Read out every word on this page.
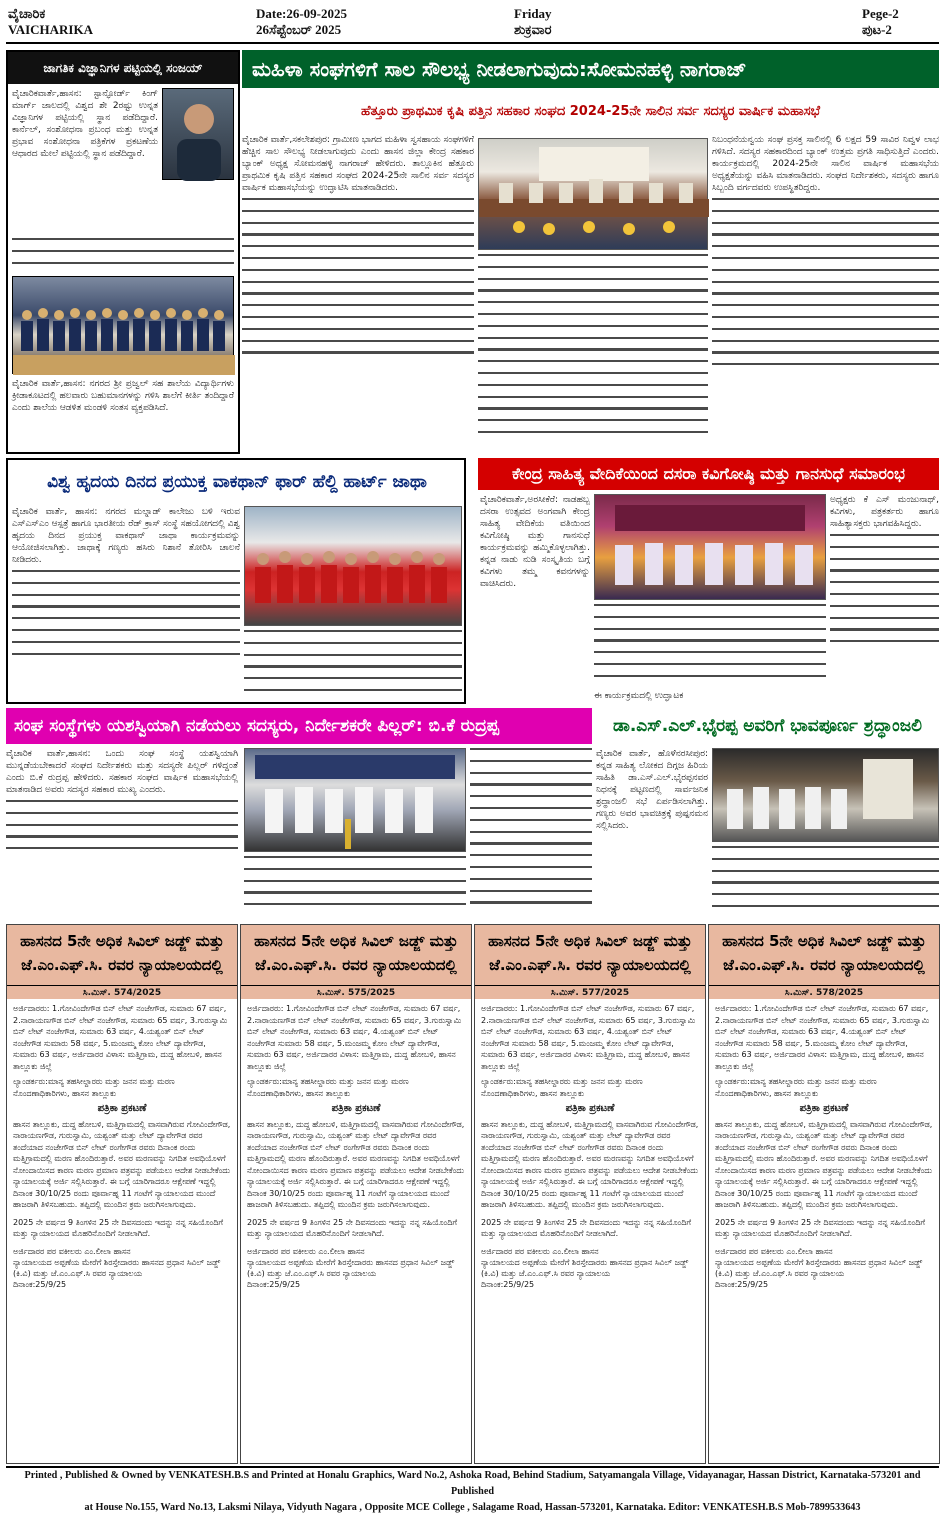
ವೈಚಾರಿಕ
VAICHARIKA
Date:26-09-2025
26ಸೆಪ್ಟೆಂಬರ್ 2025
Friday
ಶುಕ್ರವಾರ
Pege-2
ಪುಟ-2
ಜಾಗತಿಕ ವಿಜ್ಞಾನಿಗಳ ಪಟ್ಟಿಯಲ್ಲಿ ಸಂಜಯ್
ವೈಚಾರಿಕವಾರ್ತೆ,ಹಾಸನ: ಸ್ಟಾನ್ಫೋರ್ಡ್ ಕಿಂಗ್ ಮಾರ್ಗ್ ಜಾಲದಲ್ಲಿ ವಿಶ್ವದ ಶೇ 2ರಷ್ಟು ಉನ್ನತ ವಿಜ್ಞಾನಿಗಳ ಪಟ್ಟಿಯಲ್ಲಿ ಸ್ಥಾನ ಪಡೆದಿದ್ದಾರೆ. ಕಾರ್ನೆಲ್, ಸಂಶೋಧನಾ ಪ್ರಬಂಧ ಮತ್ತು ಉನ್ನತ ಪ್ರಭಾವ ಸಂಶೋಧನಾ ಪತ್ರಿಕೆಗಳ ಪ್ರಕಟಣೆಯ ಆಧಾರದ ಮೇಲೆ ಪಟ್ಟಿಯಲ್ಲಿ ಸ್ಥಾನ ಪಡೆದಿದ್ದಾರೆ.
ವೈಚಾರಿಕ ವಾರ್ತೆ,ಹಾಸನ: ನಗರದ ಶ್ರೀ ಪ್ರಜ್ವಲ್ ಸಹ ಶಾಲೆಯ ವಿದ್ಯಾರ್ಥಿಗಳು ಕ್ರೀಡಾಕೂಟದಲ್ಲಿ ಹಲವಾರು ಬಹುಮಾನಗಳನ್ನು ಗಳಿಸಿ ಶಾಲೆಗೆ ಕೀರ್ತಿ ತಂದಿದ್ದಾರೆ ಎಂದು ಶಾಲೆಯ ಆಡಳಿತ ಮಂಡಳಿ ಸಂತಸ ವ್ಯಕ್ತಪಡಿಸಿದೆ.
ಮಹಿಳಾ ಸಂಘಗಳಿಗೆ ಸಾಲ ಸೌಲಭ್ಯ ನೀಡಲಾಗುವುದು:ಸೋಮನಹಳ್ಳಿ ನಾಗರಾಜ್
ಹೆತ್ತೂರು ಪ್ರಾಥಮಿಕ ಕೃಷಿ ಪತ್ತಿನ ಸಹಕಾರ ಸಂಘದ 2024-25ನೇ ಸಾಲಿನ ಸರ್ವ ಸದಸ್ಯರ ವಾರ್ಷಿಕ ಮಹಾಸಭೆ
ವೈಚಾರಿಕ ವಾರ್ತೆ,ಸಕಲೇಶಪುರ: ಗ್ರಾಮೀಣ ಭಾಗದ ಮಹಿಳಾ ಸ್ವಸಹಾಯ ಸಂಘಗಳಿಗೆ ಹೆಚ್ಚಿನ ಸಾಲ ಸೌಲಭ್ಯ ನೀಡಲಾಗುವುದು ಎಂದು ಹಾಸನ ಜಿಲ್ಲಾ ಕೇಂದ್ರ ಸಹಕಾರ ಬ್ಯಾಂಕ್ ಅಧ್ಯಕ್ಷ ಸೋಮನಹಳ್ಳಿ ನಾಗರಾಜ್ ಹೇಳಿದರು. ತಾಲ್ಲೂಕಿನ ಹೆತ್ತೂರು ಪ್ರಾಥಮಿಕ ಕೃಷಿ ಪತ್ತಿನ ಸಹಕಾರ ಸಂಘದ 2024-25ನೇ ಸಾಲಿನ ಸರ್ವ ಸದಸ್ಯರ ವಾರ್ಷಿಕ ಮಹಾಸಭೆಯನ್ನು ಉದ್ಘಾಟಿಸಿ ಮಾತನಾಡಿದರು.
ನಿಬಂಧನೆಯನ್ವಯ ಸಂಘ ಪ್ರಸಕ್ತ ಸಾಲಿನಲ್ಲಿ 6 ಲಕ್ಷದ 59 ಸಾವಿರ ನಿವ್ವಳ ಲಾಭ ಗಳಿಸಿದೆ. ಸದಸ್ಯರ ಸಹಕಾರದಿಂದ ಬ್ಯಾಂಕ್ ಉತ್ತಮ ಪ್ರಗತಿ ಸಾಧಿಸುತ್ತಿದೆ ಎಂದರು. ಕಾರ್ಯಕ್ರಮದಲ್ಲಿ 2024-25ನೇ ಸಾಲಿನ ವಾರ್ಷಿಕ ಮಹಾಸಭೆಯ ಅಧ್ಯಕ್ಷತೆಯನ್ನು ವಹಿಸಿ ಮಾತನಾಡಿದರು. ಸಂಘದ ನಿರ್ದೇಶಕರು, ಸದಸ್ಯರು ಹಾಗೂ ಸಿಬ್ಬಂದಿ ವರ್ಗದವರು ಉಪಸ್ಥಿತರಿದ್ದರು.
ವಿಶ್ವ ಹೃದಯ ದಿನದ ಪ್ರಯುಕ್ತ ವಾಕಥಾನ್ ಫಾರ್ ಹೆಲ್ದಿ ಹಾರ್ಟ್ ಜಾಥಾ
ವೈಚಾರಿಕ ವಾರ್ತೆ, ಹಾಸನ: ನಗರದ ಮಲ್ನಾಡ್ ಕಾಲೇಜು ಬಳಿ ಇರುವ ಎಸ್ಎಸ್ಎಂ ಆಸ್ಪತ್ರೆ ಹಾಗೂ ಭಾರತೀಯ ರೆಡ್ ಕ್ರಾಸ್ ಸಂಸ್ಥೆ ಸಹಯೋಗದಲ್ಲಿ ವಿಶ್ವ ಹೃದಯ ದಿನದ ಪ್ರಯುಕ್ತ ವಾಕಥಾನ್ ಜಾಥಾ ಕಾರ್ಯಕ್ರಮವನ್ನು ಆಯೋಜಿಸಲಾಗಿತ್ತು. ಜಾಥಾಕ್ಕೆ ಗಣ್ಯರು ಹಸಿರು ನಿಶಾನೆ ತೋರಿಸಿ ಚಾಲನೆ ನೀಡಿದರು.
ಕೇಂದ್ರ ಸಾಹಿತ್ಯ ವೇದಿಕೆಯಿಂದ ದಸರಾ ಕವಿಗೋಷ್ಠಿ ಮತ್ತು ಗಾನಸುಧೆ ಸಮಾರಂಭ
ವೈಚಾರಿಕವಾರ್ತೆ,ಅರಸೀಕೆರೆ: ನಾಡಹಬ್ಬ ದಸರಾ ಉತ್ಸವದ ಅಂಗವಾಗಿ ಕೇಂದ್ರ ಸಾಹಿತ್ಯ ವೇದಿಕೆಯ ವತಿಯಿಂದ ಕವಿಗೋಷ್ಠಿ ಮತ್ತು ಗಾನಸುಧೆ ಕಾರ್ಯಕ್ರಮವನ್ನು ಹಮ್ಮಿಕೊಳ್ಳಲಾಗಿತ್ತು. ಕನ್ನಡ ನಾಡು ನುಡಿ ಸಂಸ್ಕೃತಿಯ ಬಗ್ಗೆ ಕವಿಗಳು ತಮ್ಮ ಕವನಗಳನ್ನು ವಾಚಿಸಿದರು.
ಈ ಕಾರ್ಯಕ್ರಮದಲ್ಲಿ ಉದ್ಘಾಟಕ
ಅಧ್ಯಕ್ಷರು ಕೆ ಎಸ್ ಮಂಜುನಾಥ್, ಕವಿಗಳು, ಪತ್ರಕರ್ತರು ಹಾಗೂ ಸಾಹಿತ್ಯಾಸಕ್ತರು ಭಾಗವಹಿಸಿದ್ದರು.
ಸಂಘ ಸಂಸ್ಥೆಗಳು ಯಶಸ್ವಿಯಾಗಿ ನಡೆಯಲು ಸದಸ್ಯರು, ನಿರ್ದೇಶಕರೇ ಪಿಲ್ಲರ್: ಬಿ.ಕೆ ರುದ್ರಪ್ಪ
ವೈಚಾರಿಕ ವಾರ್ತೆ,ಹಾಸನ: ಒಂದು ಸಂಘ ಸಂಸ್ಥೆ ಯಶಸ್ವಿಯಾಗಿ ಮುನ್ನಡೆಯಬೇಕಾದರೆ ಸಂಘದ ನಿರ್ದೇಶಕರು ಮತ್ತು ಸದಸ್ಯರೇ ಪಿಲ್ಲರ್ ಗಳಿದ್ದಂತೆ ಎಂದು ಬಿ.ಕೆ ರುದ್ರಪ್ಪ ಹೇಳಿದರು. ಸಹಕಾರ ಸಂಘದ ವಾರ್ಷಿಕ ಮಹಾಸಭೆಯಲ್ಲಿ ಮಾತನಾಡಿದ ಅವರು ಸದಸ್ಯರ ಸಹಕಾರ ಮುಖ್ಯ ಎಂದರು.
ಡಾ.ಎಸ್.ಎಲ್.ಭೈರಪ್ಪ ಅವರಿಗೆ ಭಾವಪೂರ್ಣ ಶ್ರದ್ಧಾಂಜಲಿ
ವೈಚಾರಿಕ ವಾರ್ತೆ, ಹೊಳೆನರಸೀಪುರ: ಕನ್ನಡ ಸಾಹಿತ್ಯ ಲೋಕದ ದಿಗ್ಗಜ ಹಿರಿಯ ಸಾಹಿತಿ ಡಾ.ಎಸ್.ಎಲ್.ಭೈರಪ್ಪನವರ ನಿಧನಕ್ಕೆ ಪಟ್ಟಣದಲ್ಲಿ ಸಾರ್ವಜನಿಕ ಶ್ರದ್ಧಾಂಜಲಿ ಸಭೆ ಏರ್ಪಡಿಸಲಾಗಿತ್ತು. ಗಣ್ಯರು ಅವರ ಭಾವಚಿತ್ರಕ್ಕೆ ಪುಷ್ಪನಮನ ಸಲ್ಲಿಸಿದರು.
ಹಾಸನದ 5ನೇ ಅಧಿಕ ಸಿವಿಲ್ ಜಡ್ಜ್ ಮತ್ತು ಜೆ.ಎಂ.ಎಫ್.ಸಿ. ರವರ ನ್ಯಾಯಾಲಯದಲ್ಲಿ
ಸಿ.ಮಿಸ್. 574/2025
ಅರ್ಜಿದಾರರು: 1.ಗೋವಿಂದೇಗೌಡ ಬಿನ್ ಲೇಟ್ ನಂಜೇಗೌಡ, ಸುಮಾರು 67 ವರ್ಷ, 2.ನಾರಾಯಣಗೌಡ ಬಿನ್ ಲೇಟ್ ನಂಜೇಗೌಡ, ಸುಮಾರು 65 ವರ್ಷ, 3.ಗುರುಸ್ವಾಮಿ ಬಿನ್ ಲೇಟ್ ನಂಜೇಗೌಡ, ಸುಮಾರು 63 ವರ್ಷ, 4.ಯಶ್ವಂತ್ ಬಿನ್ ಲೇಟ್ ನಂಜೇಗೌಡ ಸುಮಾರು 58 ವರ್ಷ, 5.ಮಂಜಮ್ಮ ಕೋಂ ಲೇಟ್ ದ್ಯಾವೇಗೌಡ, ಸುಮಾರು 63 ವರ್ಷ, ಅರ್ಜಿದಾರರ ವಿಳಾಸ: ಮತ್ತಿಗ್ರಾಮ, ದುದ್ದ ಹೋಬಳಿ, ಹಾಸನ ತಾಲ್ಲೂಕು ಜಿಲ್ಲೆ
ಲ್ಯಾಂಡರ್ಕರು:ಮಾನ್ಯ ತಹಸೀಲ್ದಾರರು ಮತ್ತು ಜನನ ಮತ್ತು ಮರಣ ನೊಂದಣಾಧಿಕಾರಿಗಳು, ಹಾಸನ ತಾಲ್ಲೂಕು
ಪತ್ರಿಕಾ ಪ್ರಕಟಣೆ
ಹಾಸನ ತಾಲ್ಲೂಕು, ದುದ್ದ ಹೋಬಳಿ, ಮತ್ತಿಗ್ರಾಮದಲ್ಲಿ ವಾಸವಾಗಿರುವ ಗೋವಿಂದೇಗೌಡ, ನಾರಾಯಣಗೌಡ, ಗುರುಸ್ವಾಮಿ, ಯಶ್ವಂತ್ ಮತ್ತು ಲೇಟ್ ದ್ಯಾವೇಗೌಡ ರವರ ತಂದೆಯಾದ ನಂಜೇಗೌಡ ಬಿನ್ ಲೇಟ್ ರಂಗೇಗೌಡ ರವರು ದಿನಾಂಕ ರಂದು ಮತ್ತಿಗ್ರಾಮದಲ್ಲಿ ಮರಣ ಹೊಂದಿರುತ್ತಾರೆ. ಅವರ ಮರಣವನ್ನು ನಿಗದಿತ ಅವಧಿಯೊಳಗೆ ನೋಂದಾಯಿಸದ ಕಾರಣ ಮರಣ ಪ್ರಮಾಣ ಪತ್ರವನ್ನು ಪಡೆಯಲು ಆದೇಶ ನೀಡಬೇಕೆಂದು ನ್ಯಾಯಾಲಯಕ್ಕೆ ಅರ್ಜಿ ಸಲ್ಲಿಸಿರುತ್ತಾರೆ. ಈ ಬಗ್ಗೆ ಯಾರಿಗಾದರೂ ಆಕ್ಷೇಪಣೆ ಇದ್ದಲ್ಲಿ ದಿನಾಂಕ 30/10/25 ರಂದು ಪೂರ್ವಾಹ್ನ 11 ಗಂಟೆಗೆ ನ್ಯಾಯಾಲಯದ ಮುಂದೆ ಹಾಜರಾಗಿ ತಿಳಿಸಬಹುದು. ತಪ್ಪಿದಲ್ಲಿ ಮುಂದಿನ ಕ್ರಮ ಜರುಗಿಸಲಾಗುವುದು.
2025 ನೇ ವರ್ಷದ 9 ತಿಂಗಳಿನ 25 ನೇ ದಿವಸದಂದು ಇದನ್ನು ನನ್ನ ಸಹಿಯೊಂದಿಗೆ ಮತ್ತು ನ್ಯಾಯಾಲಯದ ಮೊಹರಿನೊಂದಿಗೆ ನೀಡಲಾಗಿದೆ.
ಅರ್ಜಿದಾರರ ಪರ ವಕೀಲರು ಎಂ.ಲೀಲಾ ಹಾಸನ
ನ್ಯಾಯಾಲಯದ ಅಪ್ಪಣೆಯ ಮೇರೆಗೆ ಶಿರಸ್ತೇದಾರರು ಹಾಸನದ ಪ್ರಧಾನ ಸಿವಿಲ್ ಜಡ್ಜ್ (ಕಿ.ವಿ) ಮತ್ತು ಜೆ.ಎಂ.ಎಫ್.ಸಿ ರವರ ನ್ಯಾಯಾಲಯ
ದಿನಾಂಕ:25/9/25
ಹಾಸನದ 5ನೇ ಅಧಿಕ ಸಿವಿಲ್ ಜಡ್ಜ್ ಮತ್ತು ಜೆ.ಎಂ.ಎಫ್.ಸಿ. ರವರ ನ್ಯಾಯಾಲಯದಲ್ಲಿ
ಸಿ.ಮಿಸ್. 575/2025
ಅರ್ಜಿದಾರರು: 1.ಗೋವಿಂದೇಗೌಡ ಬಿನ್ ಲೇಟ್ ನಂಜೇಗೌಡ, ಸುಮಾರು 67 ವರ್ಷ, 2.ನಾರಾಯಣಗೌಡ ಬಿನ್ ಲೇಟ್ ನಂಜೇಗೌಡ, ಸುಮಾರು 65 ವರ್ಷ, 3.ಗುರುಸ್ವಾಮಿ ಬಿನ್ ಲೇಟ್ ನಂಜೇಗೌಡ, ಸುಮಾರು 63 ವರ್ಷ, 4.ಯಶ್ವಂತ್ ಬಿನ್ ಲೇಟ್ ನಂಜೇಗೌಡ ಸುಮಾರು 58 ವರ್ಷ, 5.ಮಂಜಮ್ಮ ಕೋಂ ಲೇಟ್ ದ್ಯಾವೇಗೌಡ, ಸುಮಾರು 63 ವರ್ಷ, ಅರ್ಜಿದಾರರ ವಿಳಾಸ: ಮತ್ತಿಗ್ರಾಮ, ದುದ್ದ ಹೋಬಳಿ, ಹಾಸನ ತಾಲ್ಲೂಕು ಜಿಲ್ಲೆ
ಲ್ಯಾಂಡರ್ಕರು:ಮಾನ್ಯ ತಹಸೀಲ್ದಾರರು ಮತ್ತು ಜನನ ಮತ್ತು ಮರಣ ನೊಂದಣಾಧಿಕಾರಿಗಳು, ಹಾಸನ ತಾಲ್ಲೂಕು
ಪತ್ರಿಕಾ ಪ್ರಕಟಣೆ
ಹಾಸನ ತಾಲ್ಲೂಕು, ದುದ್ದ ಹೋಬಳಿ, ಮತ್ತಿಗ್ರಾಮದಲ್ಲಿ ವಾಸವಾಗಿರುವ ಗೋವಿಂದೇಗೌಡ, ನಾರಾಯಣಗೌಡ, ಗುರುಸ್ವಾಮಿ, ಯಶ್ವಂತ್ ಮತ್ತು ಲೇಟ್ ದ್ಯಾವೇಗೌಡ ರವರ ತಂದೆಯಾದ ನಂಜೇಗೌಡ ಬಿನ್ ಲೇಟ್ ರಂಗೇಗೌಡ ರವರು ದಿನಾಂಕ ರಂದು ಮತ್ತಿಗ್ರಾಮದಲ್ಲಿ ಮರಣ ಹೊಂದಿರುತ್ತಾರೆ. ಅವರ ಮರಣವನ್ನು ನಿಗದಿತ ಅವಧಿಯೊಳಗೆ ನೋಂದಾಯಿಸದ ಕಾರಣ ಮರಣ ಪ್ರಮಾಣ ಪತ್ರವನ್ನು ಪಡೆಯಲು ಆದೇಶ ನೀಡಬೇಕೆಂದು ನ್ಯಾಯಾಲಯಕ್ಕೆ ಅರ್ಜಿ ಸಲ್ಲಿಸಿರುತ್ತಾರೆ. ಈ ಬಗ್ಗೆ ಯಾರಿಗಾದರೂ ಆಕ್ಷೇಪಣೆ ಇದ್ದಲ್ಲಿ ದಿನಾಂಕ 30/10/25 ರಂದು ಪೂರ್ವಾಹ್ನ 11 ಗಂಟೆಗೆ ನ್ಯಾಯಾಲಯದ ಮುಂದೆ ಹಾಜರಾಗಿ ತಿಳಿಸಬಹುದು. ತಪ್ಪಿದಲ್ಲಿ ಮುಂದಿನ ಕ್ರಮ ಜರುಗಿಸಲಾಗುವುದು.
2025 ನೇ ವರ್ಷದ 9 ತಿಂಗಳಿನ 25 ನೇ ದಿವಸದಂದು ಇದನ್ನು ನನ್ನ ಸಹಿಯೊಂದಿಗೆ ಮತ್ತು ನ್ಯಾಯಾಲಯದ ಮೊಹರಿನೊಂದಿಗೆ ನೀಡಲಾಗಿದೆ.
ಅರ್ಜಿದಾರರ ಪರ ವಕೀಲರು ಎಂ.ಲೀಲಾ ಹಾಸನ
ನ್ಯಾಯಾಲಯದ ಅಪ್ಪಣೆಯ ಮೇರೆಗೆ ಶಿರಸ್ತೇದಾರರು ಹಾಸನದ ಪ್ರಧಾನ ಸಿವಿಲ್ ಜಡ್ಜ್ (ಕಿ.ವಿ) ಮತ್ತು ಜೆ.ಎಂ.ಎಫ್.ಸಿ ರವರ ನ್ಯಾಯಾಲಯ
ದಿನಾಂಕ:25/9/25
ಹಾಸನದ 5ನೇ ಅಧಿಕ ಸಿವಿಲ್ ಜಡ್ಜ್ ಮತ್ತು ಜೆ.ಎಂ.ಎಫ್.ಸಿ. ರವರ ನ್ಯಾಯಾಲಯದಲ್ಲಿ
ಸಿ.ಮಿಸ್. 577/2025
ಅರ್ಜಿದಾರರು: 1.ಗೋವಿಂದೇಗೌಡ ಬಿನ್ ಲೇಟ್ ನಂಜೇಗೌಡ, ಸುಮಾರು 67 ವರ್ಷ, 2.ನಾರಾಯಣಗೌಡ ಬಿನ್ ಲೇಟ್ ನಂಜೇಗೌಡ, ಸುಮಾರು 65 ವರ್ಷ, 3.ಗುರುಸ್ವಾಮಿ ಬಿನ್ ಲೇಟ್ ನಂಜೇಗೌಡ, ಸುಮಾರು 63 ವರ್ಷ, 4.ಯಶ್ವಂತ್ ಬಿನ್ ಲೇಟ್ ನಂಜೇಗೌಡ ಸುಮಾರು 58 ವರ್ಷ, 5.ಮಂಜಮ್ಮ ಕೋಂ ಲೇಟ್ ದ್ಯಾವೇಗೌಡ, ಸುಮಾರು 63 ವರ್ಷ, ಅರ್ಜಿದಾರರ ವಿಳಾಸ: ಮತ್ತಿಗ್ರಾಮ, ದುದ್ದ ಹೋಬಳಿ, ಹಾಸನ ತಾಲ್ಲೂಕು ಜಿಲ್ಲೆ
ಲ್ಯಾಂಡರ್ಕರು:ಮಾನ್ಯ ತಹಸೀಲ್ದಾರರು ಮತ್ತು ಜನನ ಮತ್ತು ಮರಣ ನೊಂದಣಾಧಿಕಾರಿಗಳು, ಹಾಸನ ತಾಲ್ಲೂಕು
ಪತ್ರಿಕಾ ಪ್ರಕಟಣೆ
ಹಾಸನ ತಾಲ್ಲೂಕು, ದುದ್ದ ಹೋಬಳಿ, ಮತ್ತಿಗ್ರಾಮದಲ್ಲಿ ವಾಸವಾಗಿರುವ ಗೋವಿಂದೇಗೌಡ, ನಾರಾಯಣಗೌಡ, ಗುರುಸ್ವಾಮಿ, ಯಶ್ವಂತ್ ಮತ್ತು ಲೇಟ್ ದ್ಯಾವೇಗೌಡ ರವರ ತಂದೆಯಾದ ನಂಜೇಗೌಡ ಬಿನ್ ಲೇಟ್ ರಂಗೇಗೌಡ ರವರು ದಿನಾಂಕ ರಂದು ಮತ್ತಿಗ್ರಾಮದಲ್ಲಿ ಮರಣ ಹೊಂದಿರುತ್ತಾರೆ. ಅವರ ಮರಣವನ್ನು ನಿಗದಿತ ಅವಧಿಯೊಳಗೆ ನೋಂದಾಯಿಸದ ಕಾರಣ ಮರಣ ಪ್ರಮಾಣ ಪತ್ರವನ್ನು ಪಡೆಯಲು ಆದೇಶ ನೀಡಬೇಕೆಂದು ನ್ಯಾಯಾಲಯಕ್ಕೆ ಅರ್ಜಿ ಸಲ್ಲಿಸಿರುತ್ತಾರೆ. ಈ ಬಗ್ಗೆ ಯಾರಿಗಾದರೂ ಆಕ್ಷೇಪಣೆ ಇದ್ದಲ್ಲಿ ದಿನಾಂಕ 30/10/25 ರಂದು ಪೂರ್ವಾಹ್ನ 11 ಗಂಟೆಗೆ ನ್ಯಾಯಾಲಯದ ಮುಂದೆ ಹಾಜರಾಗಿ ತಿಳಿಸಬಹುದು. ತಪ್ಪಿದಲ್ಲಿ ಮುಂದಿನ ಕ್ರಮ ಜರುಗಿಸಲಾಗುವುದು.
2025 ನೇ ವರ್ಷದ 9 ತಿಂಗಳಿನ 25 ನೇ ದಿವಸದಂದು ಇದನ್ನು ನನ್ನ ಸಹಿಯೊಂದಿಗೆ ಮತ್ತು ನ್ಯಾಯಾಲಯದ ಮೊಹರಿನೊಂದಿಗೆ ನೀಡಲಾಗಿದೆ.
ಅರ್ಜಿದಾರರ ಪರ ವಕೀಲರು ಎಂ.ಲೀಲಾ ಹಾಸನ
ನ್ಯಾಯಾಲಯದ ಅಪ್ಪಣೆಯ ಮೇರೆಗೆ ಶಿರಸ್ತೇದಾರರು ಹಾಸನದ ಪ್ರಧಾನ ಸಿವಿಲ್ ಜಡ್ಜ್ (ಕಿ.ವಿ) ಮತ್ತು ಜೆ.ಎಂ.ಎಫ್.ಸಿ ರವರ ನ್ಯಾಯಾಲಯ
ದಿನಾಂಕ:25/9/25
ಹಾಸನದ 5ನೇ ಅಧಿಕ ಸಿವಿಲ್ ಜಡ್ಜ್ ಮತ್ತು ಜೆ.ಎಂ.ಎಫ್.ಸಿ. ರವರ ನ್ಯಾಯಾಲಯದಲ್ಲಿ
ಸಿ.ಮಿಸ್. 578/2025
ಅರ್ಜಿದಾರರು: 1.ಗೋವಿಂದೇಗೌಡ ಬಿನ್ ಲೇಟ್ ನಂಜೇಗೌಡ, ಸುಮಾರು 67 ವರ್ಷ, 2.ನಾರಾಯಣಗೌಡ ಬಿನ್ ಲೇಟ್ ನಂಜೇಗೌಡ, ಸುಮಾರು 65 ವರ್ಷ, 3.ಗುರುಸ್ವಾಮಿ ಬಿನ್ ಲೇಟ್ ನಂಜೇಗೌಡ, ಸುಮಾರು 63 ವರ್ಷ, 4.ಯಶ್ವಂತ್ ಬಿನ್ ಲೇಟ್ ನಂಜೇಗೌಡ ಸುಮಾರು 58 ವರ್ಷ, 5.ಮಂಜಮ್ಮ ಕೋಂ ಲೇಟ್ ದ್ಯಾವೇಗೌಡ, ಸುಮಾರು 63 ವರ್ಷ, ಅರ್ಜಿದಾರರ ವಿಳಾಸ: ಮತ್ತಿಗ್ರಾಮ, ದುದ್ದ ಹೋಬಳಿ, ಹಾಸನ ತಾಲ್ಲೂಕು ಜಿಲ್ಲೆ
ಲ್ಯಾಂಡರ್ಕರು:ಮಾನ್ಯ ತಹಸೀಲ್ದಾರರು ಮತ್ತು ಜನನ ಮತ್ತು ಮರಣ ನೊಂದಣಾಧಿಕಾರಿಗಳು, ಹಾಸನ ತಾಲ್ಲೂಕು
ಪತ್ರಿಕಾ ಪ್ರಕಟಣೆ
ಹಾಸನ ತಾಲ್ಲೂಕು, ದುದ್ದ ಹೋಬಳಿ, ಮತ್ತಿಗ್ರಾಮದಲ್ಲಿ ವಾಸವಾಗಿರುವ ಗೋವಿಂದೇಗೌಡ, ನಾರಾಯಣಗೌಡ, ಗುರುಸ್ವಾಮಿ, ಯಶ್ವಂತ್ ಮತ್ತು ಲೇಟ್ ದ್ಯಾವೇಗೌಡ ರವರ ತಂದೆಯಾದ ನಂಜೇಗೌಡ ಬಿನ್ ಲೇಟ್ ರಂಗೇಗೌಡ ರವರು ದಿನಾಂಕ ರಂದು ಮತ್ತಿಗ್ರಾಮದಲ್ಲಿ ಮರಣ ಹೊಂದಿರುತ್ತಾರೆ. ಅವರ ಮರಣವನ್ನು ನಿಗದಿತ ಅವಧಿಯೊಳಗೆ ನೋಂದಾಯಿಸದ ಕಾರಣ ಮರಣ ಪ್ರಮಾಣ ಪತ್ರವನ್ನು ಪಡೆಯಲು ಆದೇಶ ನೀಡಬೇಕೆಂದು ನ್ಯಾಯಾಲಯಕ್ಕೆ ಅರ್ಜಿ ಸಲ್ಲಿಸಿರುತ್ತಾರೆ. ಈ ಬಗ್ಗೆ ಯಾರಿಗಾದರೂ ಆಕ್ಷೇಪಣೆ ಇದ್ದಲ್ಲಿ ದಿನಾಂಕ 30/10/25 ರಂದು ಪೂರ್ವಾಹ್ನ 11 ಗಂಟೆಗೆ ನ್ಯಾಯಾಲಯದ ಮುಂದೆ ಹಾಜರಾಗಿ ತಿಳಿಸಬಹುದು. ತಪ್ಪಿದಲ್ಲಿ ಮುಂದಿನ ಕ್ರಮ ಜರುಗಿಸಲಾಗುವುದು.
2025 ನೇ ವರ್ಷದ 9 ತಿಂಗಳಿನ 25 ನೇ ದಿವಸದಂದು ಇದನ್ನು ನನ್ನ ಸಹಿಯೊಂದಿಗೆ ಮತ್ತು ನ್ಯಾಯಾಲಯದ ಮೊಹರಿನೊಂದಿಗೆ ನೀಡಲಾಗಿದೆ.
ಅರ್ಜಿದಾರರ ಪರ ವಕೀಲರು ಎಂ.ಲೀಲಾ ಹಾಸನ
ನ್ಯಾಯಾಲಯದ ಅಪ್ಪಣೆಯ ಮೇರೆಗೆ ಶಿರಸ್ತೇದಾರರು ಹಾಸನದ ಪ್ರಧಾನ ಸಿವಿಲ್ ಜಡ್ಜ್ (ಕಿ.ವಿ) ಮತ್ತು ಜೆ.ಎಂ.ಎಫ್.ಸಿ ರವರ ನ್ಯಾಯಾಲಯ
ದಿನಾಂಕ:25/9/25
Printed , Published & Owned by VENKATESH.B.S and Printed at Honalu Graphics, Ward No.2, Ashoka Road, Behind Stadium, Satyamangala Village, Vidayanagar, Hassan District, Karnataka-573201 and Published
at House No.155, Ward No.13, Laksmi Nilaya, Vidyuth Nagara , Opposite MCE College , Salagame Road, Hassan-573201, Karnataka. Editor: VENKATESH.B.S Mob-7899533643
